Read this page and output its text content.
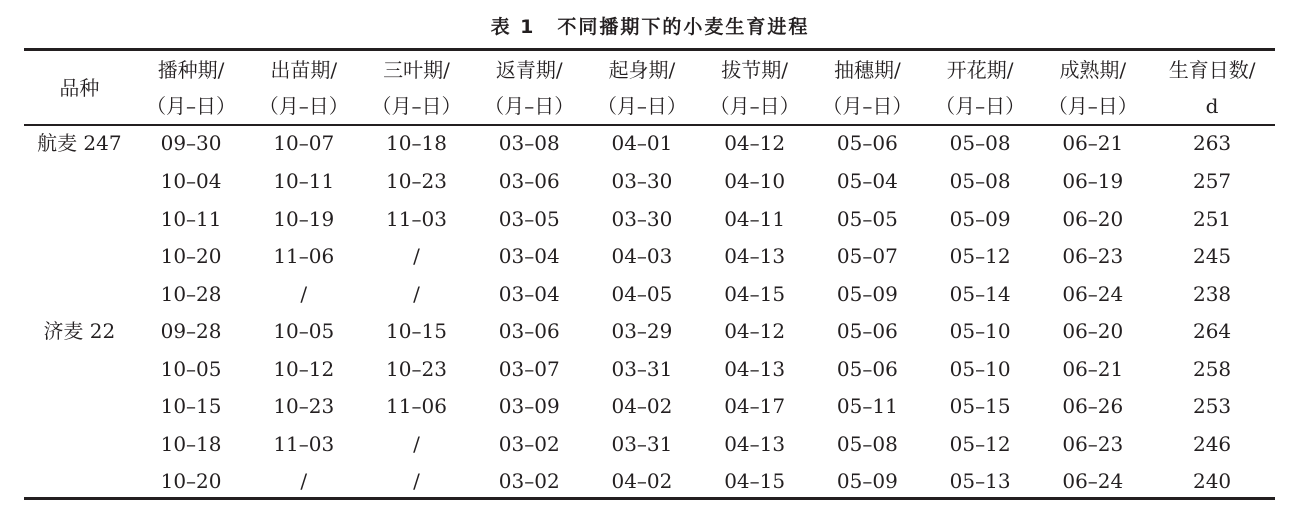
表 1 不同播期下的小麦生育进程
品种	播种期/	出苗期/	三叶期/	返青期/	起身期/	拔节期/	抽穗期/	开花期/	成熟期/	生育日数/
	（月–日）	（月–日）	（月–日）	（月–日）	（月–日）	（月–日）	（月–日）	（月–日）	（月–日）	d
航麦 247	09–30	10–07	10–18	03–08	04–01	04–12	05–06	05–08	06–21	263
	10–04	10–11	10–23	03–06	03–30	04–10	05–04	05–08	06–19	257
	10–11	10–19	11–03	03–05	03–30	04–11	05–05	05–09	06–20	251
	10–20	11–06	/	03–04	04–03	04–13	05–07	05–12	06–23	245
	10–28	/	/	03–04	04–05	04–15	05–09	05–14	06–24	238
济麦 22	09–28	10–05	10–15	03–06	03–29	04–12	05–06	05–10	06–20	264
	10–05	10–12	10–23	03–07	03–31	04–13	05–06	05–10	06–21	258
	10–15	10–23	11–06	03–09	04–02	04–17	05–11	05–15	06–26	253
	10–18	11–03	/	03–02	03–31	04–13	05–08	05–12	06–23	246
	10–20	/	/	03–02	04–02	04–15	05–09	05–13	06–24	240
